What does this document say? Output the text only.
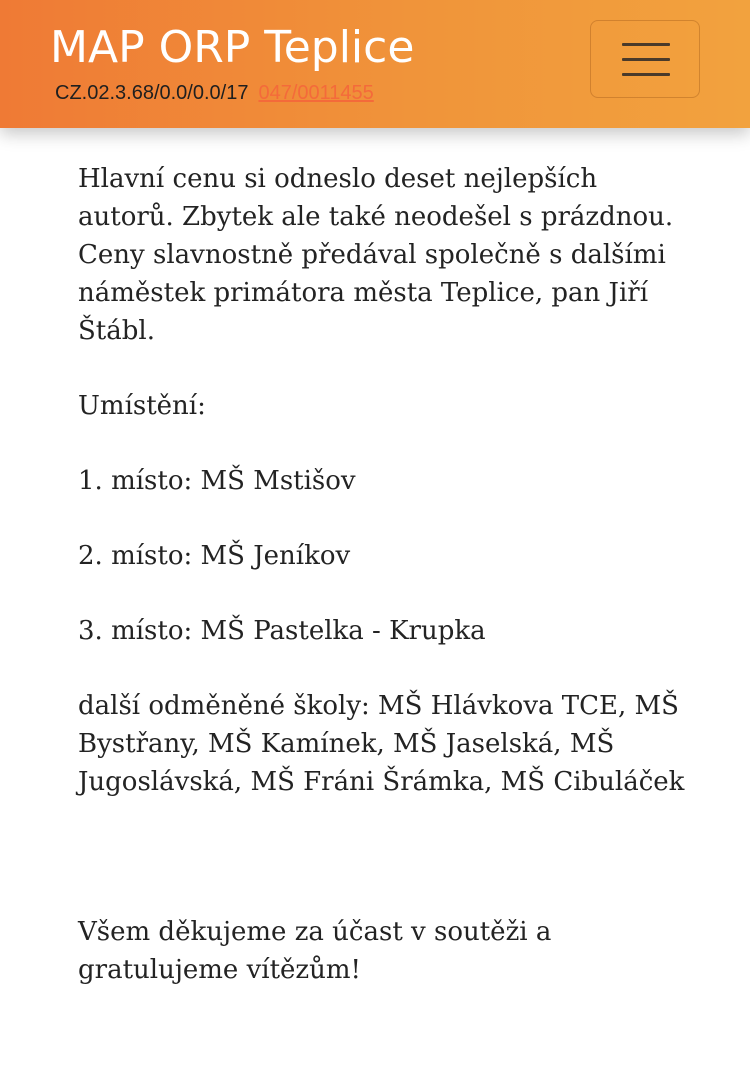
MAP ORP Teplice
CZ.02.3.68/0.0/0.0/17 047/0011455

Hlavní cenu si odneslo deset nejlepších autorů. Zbytek ale také neodešel s prázdnou. Ceny slavnostně předával společně s dalšími náměstek primátora města Teplice, pan Jiří Štábl.

Umístění:

1. místo: MŠ Mstišov

2. místo: MŠ Jeníkov

3. místo: MŠ Pastelka - Krupka

další odměněné školy: MŠ Hlávkova TCE, MŠ Bystřany, MŠ Kamínek, MŠ Jaselská, MŠ Jugoslávská, MŠ Fráni Šrámka, MŠ Cibuláček

Všem děkujeme za účast v soutěži a gratulujeme vítězům!
